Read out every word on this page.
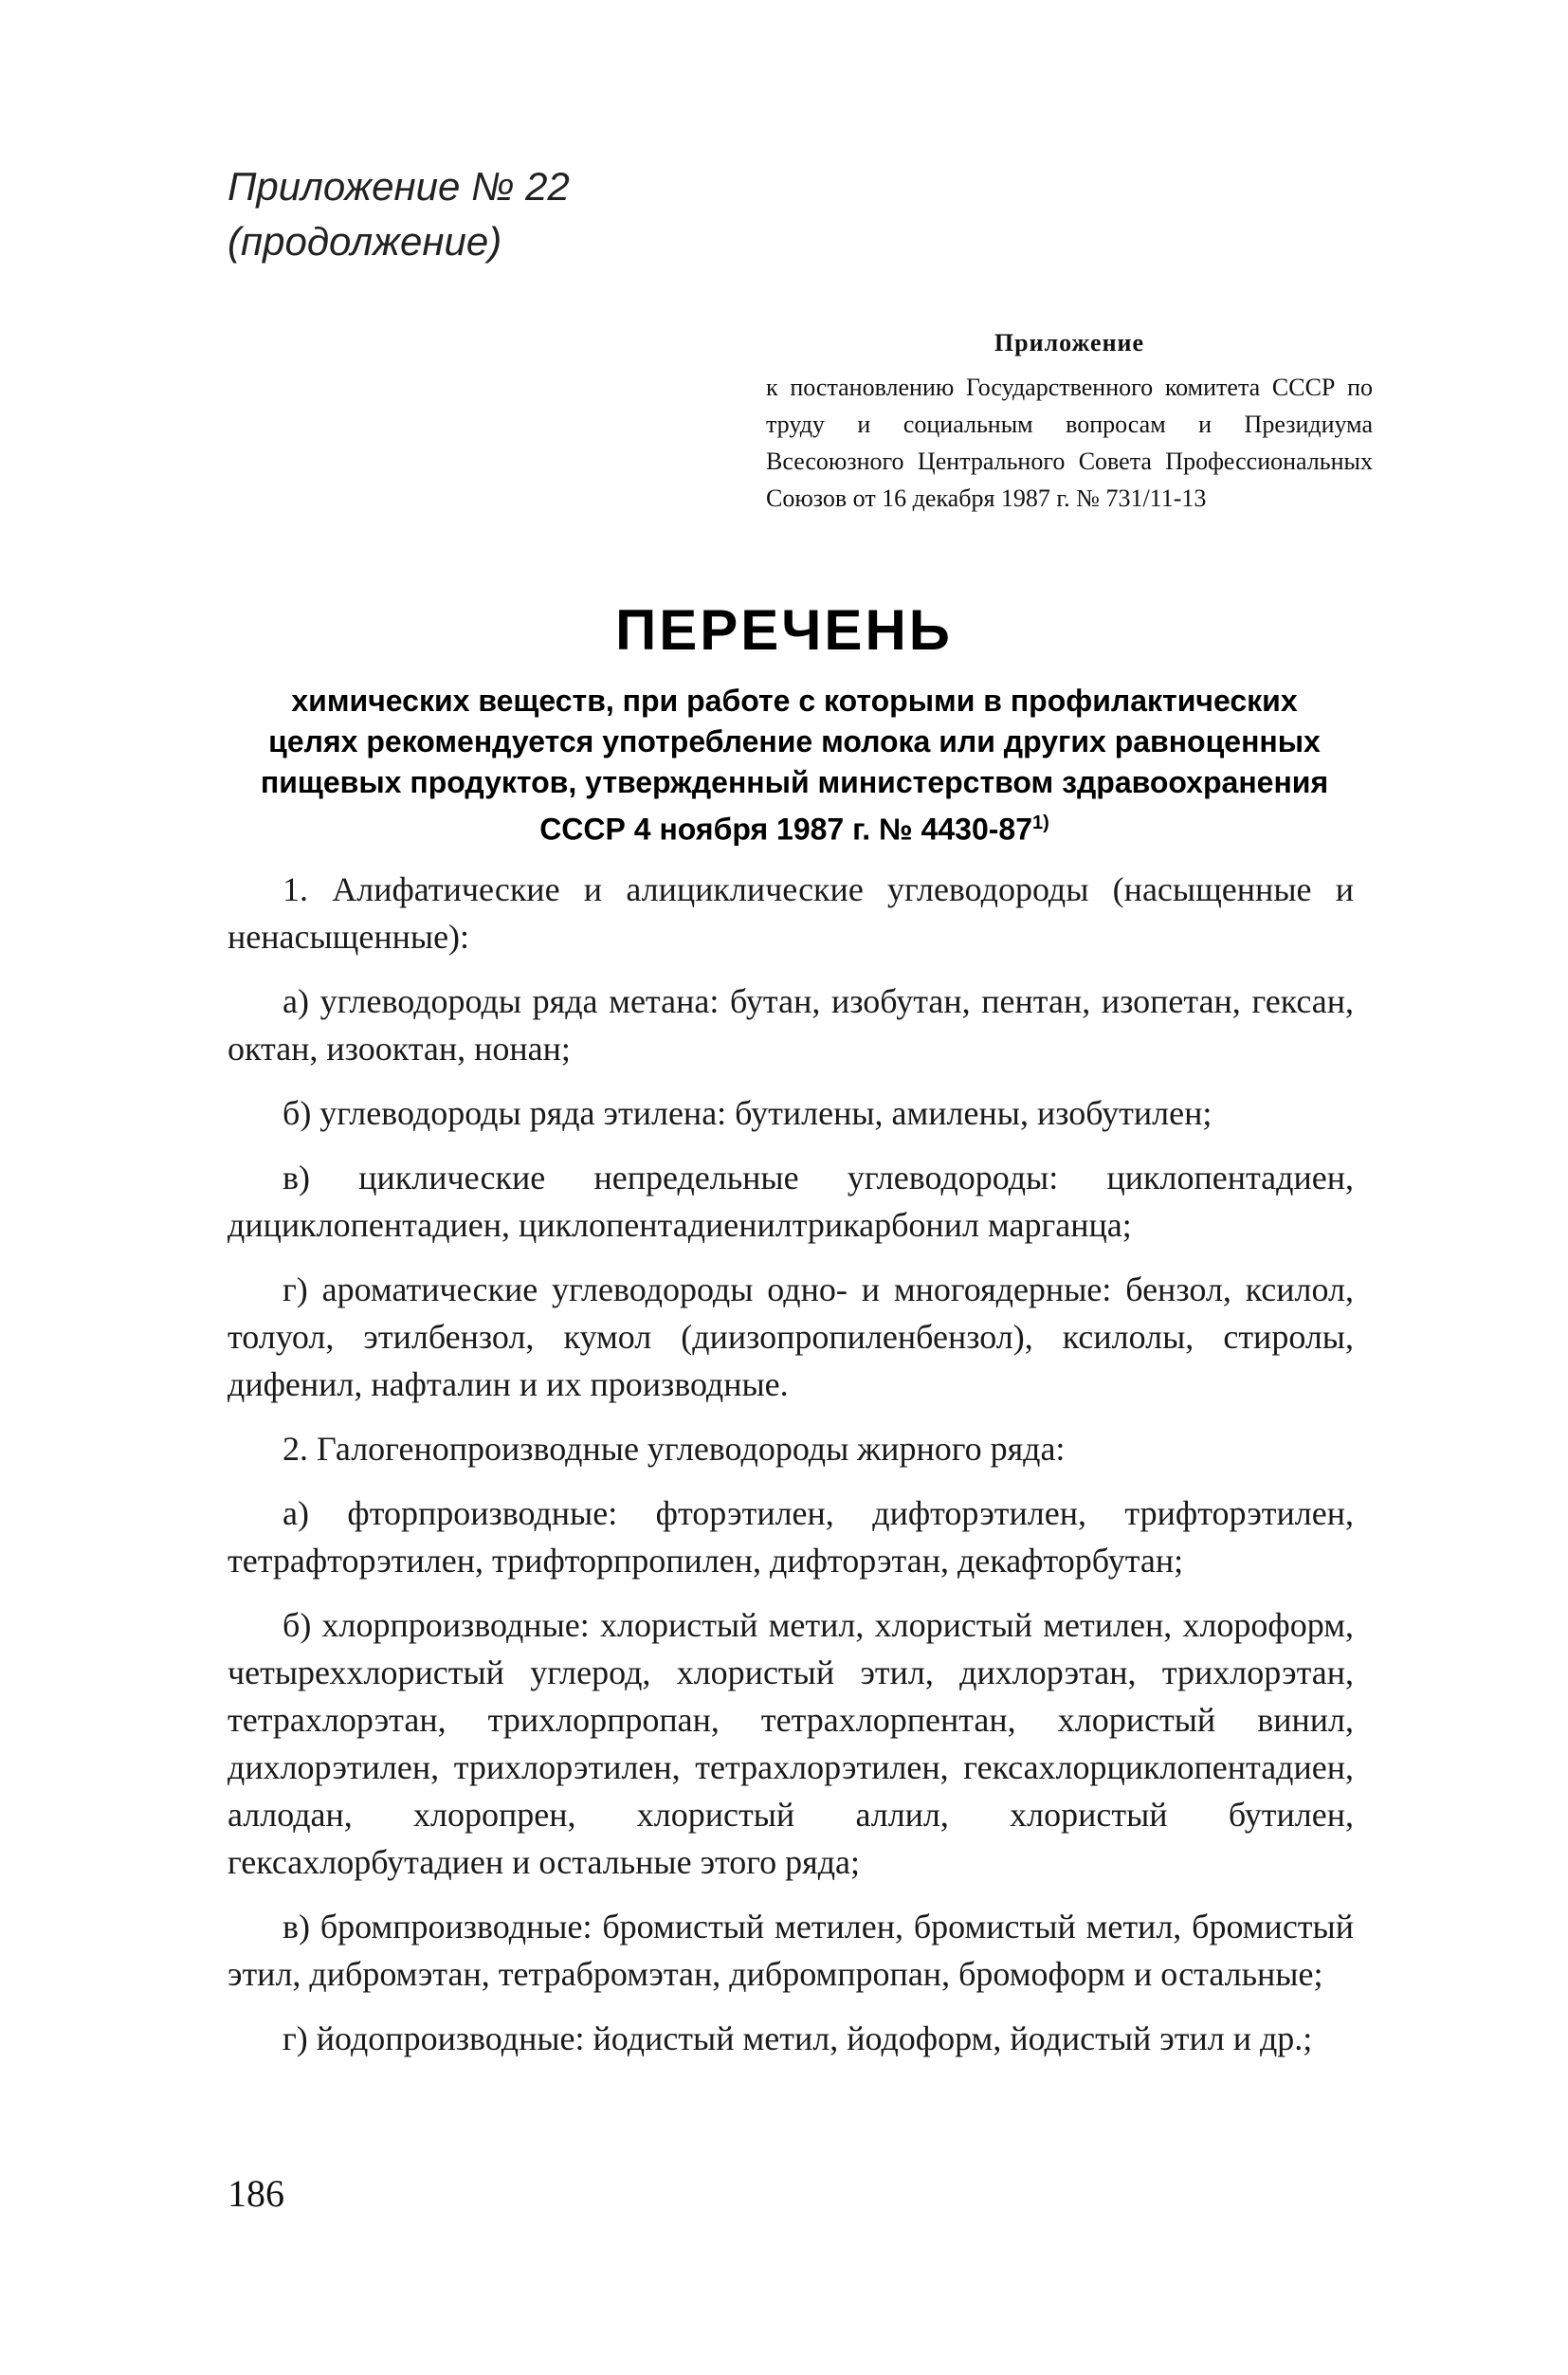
Приложение № 22
(продолжение)
Приложение
к постановлению Государственного комитета СССР по труду и социальным вопросам и Президиума Всесоюзного Центрального Совета Профессиональных Союзов от 16 декабря 1987 г. № 731/11-13
ПЕРЕЧЕНЬ
химических веществ, при работе с которыми в профилактических целях рекомендуется употребление молока или других равноценных пищевых продуктов, утвержденный министерством здравоохранения СССР 4 ноября 1987 г. № 4430-87$^{1)}$

1. Алифатические и алициклические углеводороды (насыщенные и ненасыщенные):

а) углеводороды ряда метана: бутан, изобутан, пентан, изопетан, гексан, октан, изооктан, нонан;

б) углеводороды ряда этилена: бутилены, амилены, изобутилен;

в) циклические непредельные углеводороды: циклопентадиен, дициклопентадиен, циклопентадиенилтрикарбонил марганца;

г) ароматические углеводороды одно- и многоядерные: бензол, ксилол, толуол, этилбензол, кумол (диизопропиленбензол), ксилолы, стиролы, дифенил, нафталин и их производные.

2. Галогенопроизводные углеводороды жирного ряда:

а) фторпроизводные: фторэтилен, дифторэтилен, трифторэтилен, тетрафторэтилен, трифторпропилен, дифторэтан, декафторбутан;

б) хлорпроизводные: хлористый метил, хлористый метилен, хлороформ, четыреххлористый углерод, хлористый этил, дихлорэтан, трихлорэтан, тетрахлорэтан, трихлорпропан, тетрахлорпентан, хлористый винил, дихлорэтилен, трихлорэтилен, тетрахлорэтилен, гексахлорциклопентадиен, аллодан, хлоропрен, хлористый аллил, хлористый бутилен, гексахлорбутадиен и остальные этого ряда;

в) бромпроизводные: бромистый метилен, бромистый метил, бромистый этил, дибромэтан, тетрабромэтан, дибромпропан, бромоформ и остальные;

г) йодопроизводные: йодистый метил, йодоформ, йодистый этил и др.;

186
